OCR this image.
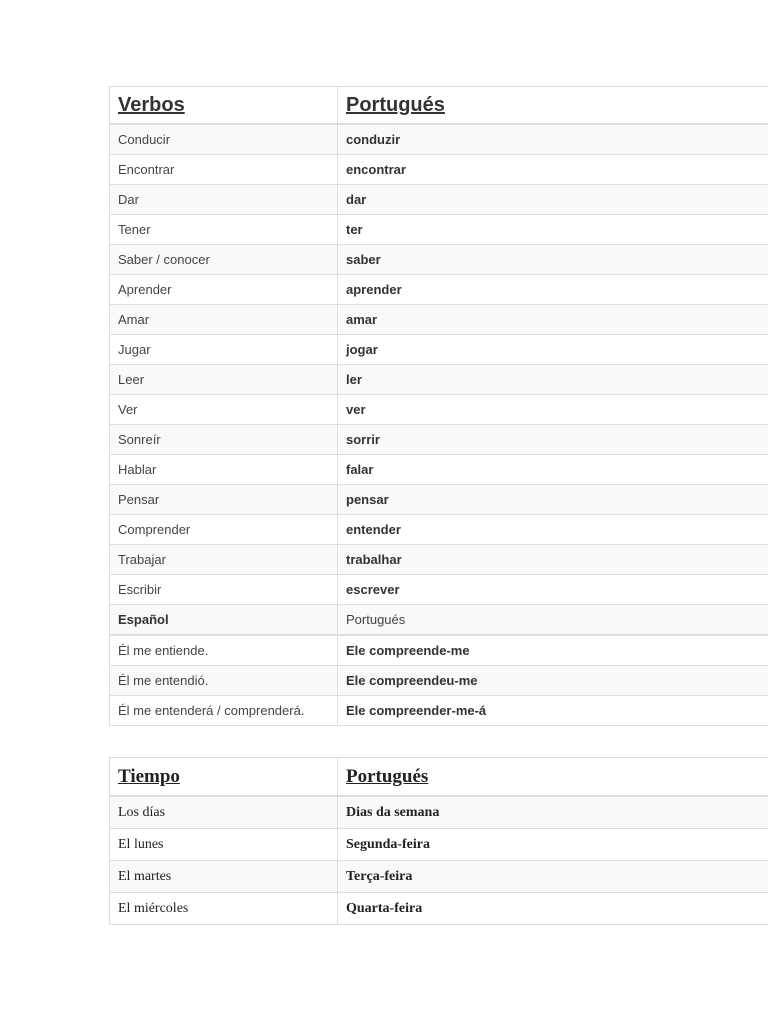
Verbos	Portugués
Conducir	conduzir
Encontrar	encontrar
Dar	dar
Tener	ter
Saber / conocer	saber
Aprender	aprender
Amar	amar
Jugar	jogar
Leer	ler
Ver	ver
Sonreír	sorrir
Hablar	falar
Pensar	pensar
Comprender	entender
Trabajar	trabalhar
Escribir	escrever
Español	Portugués
Él me entiende.	Ele compreende-me
Él me entendió.	Ele compreendeu-me
Él me entenderá / comprenderá.	Ele compreender-me-á
Tiempo	Portugués
Los días	Dias da semana
El lunes	Segunda-feira
El martes	Terça-feira
El miércoles	Quarta-feira
